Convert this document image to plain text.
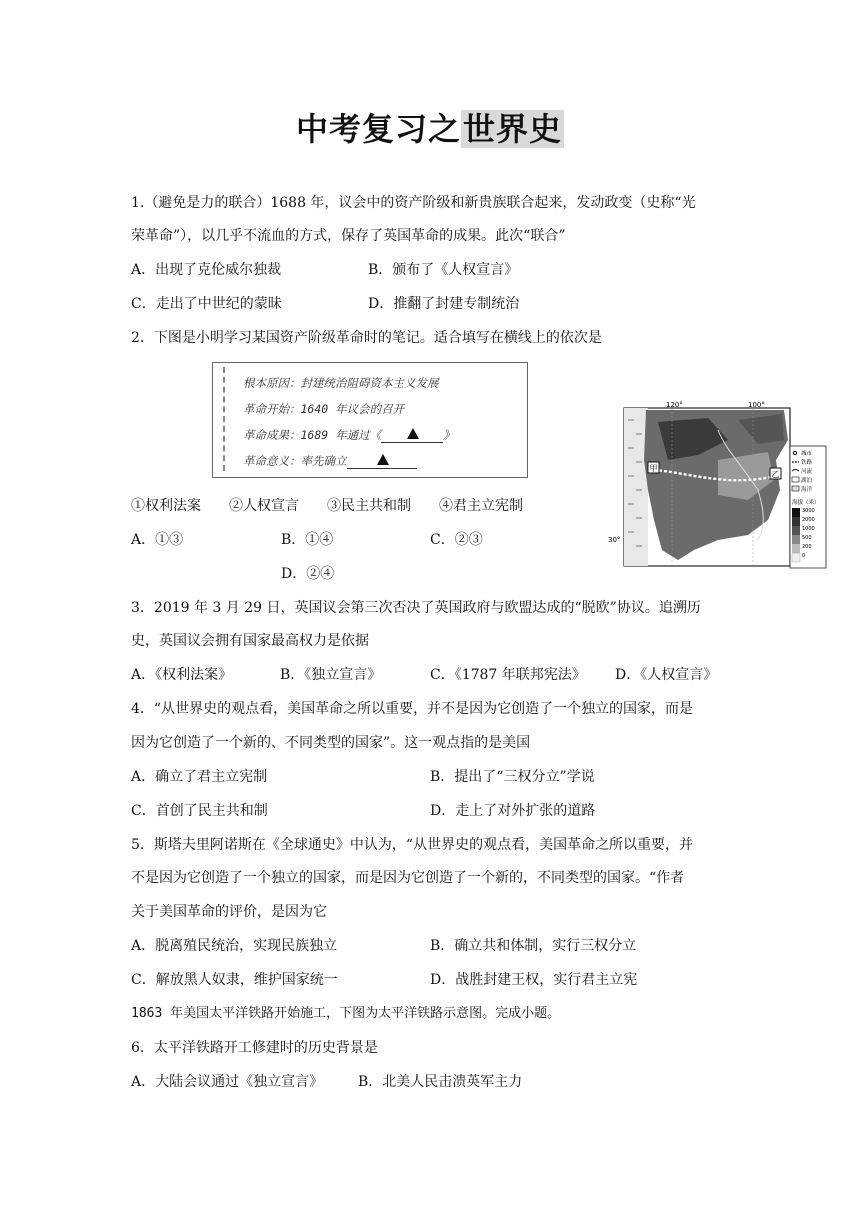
中考复习之世界史
1.（避免是力的联合）1688 年，议会中的资产阶级和新贵族联合起来，发动政变（史称“光
荣革命”），以几乎不流血的方式，保存了英国革命的成果。此次“联合”
A．出现了克伦威尔独裁	B．颁布了《人权宣言》
C．走出了中世纪的蒙昧	D．推翻了封建专制统治
2．下图是小明学习某国资产阶级革命时的笔记。适合填写在横线上的依次是
根本原因：封建统治阻碍资本主义发展
革命开始：1640 年议会的召开
革命成果：1689 年通过《	》
革命意义：率先确立
①权利法案　　②人权宣言　　③民主共和制　　④君主立宪制
A．①③	B．①④	C．②③
D．②④
甲
乙
120°	100°
30°
城市
铁路
河流
湖泊
海洋
海拔（米）
3000
2000
1000
500
200
0
3．2019 年 3 月 29 日，英国议会第三次否决了英国政府与欧盟达成的“脱欧”协议。追溯历
史，英国议会拥有国家最高权力是依据
A．《权利法案》	B．《独立宣言》	C．《1787 年联邦宪法》 D．《人权宣言》
4．“从世界史的观点看，美国革命之所以重要，并不是因为它创造了一个独立的国家，而是
因为它创造了一个新的、不同类型的国家”。这一观点指的是美国
A．确立了君主立宪制	B．提出了“三权分立”学说
C．首创了民主共和制	D．走上了对外扩张的道路
5．斯塔夫里阿诺斯在《全球通史》中认为，“从世界史的观点看，美国革命之所以重要，并
不是因为它创造了一个独立的国家，而是因为它创造了一个新的，不同类型的国家。“作者
关于美国革命的评价，是因为它
A．脱离殖民统治，实现民族独立	B．确立共和体制，实行三权分立
C．解放黑人奴隶，维护国家统一	D．战胜封建王权，实行君主立宪
1863 年美国太平洋铁路开始施工，下图为太平洋铁路示意图。完成小题。
6．太平洋铁路开工修建时的历史背景是
A．大陆会议通过《独立宣言》 B．北美人民击溃英军主力
